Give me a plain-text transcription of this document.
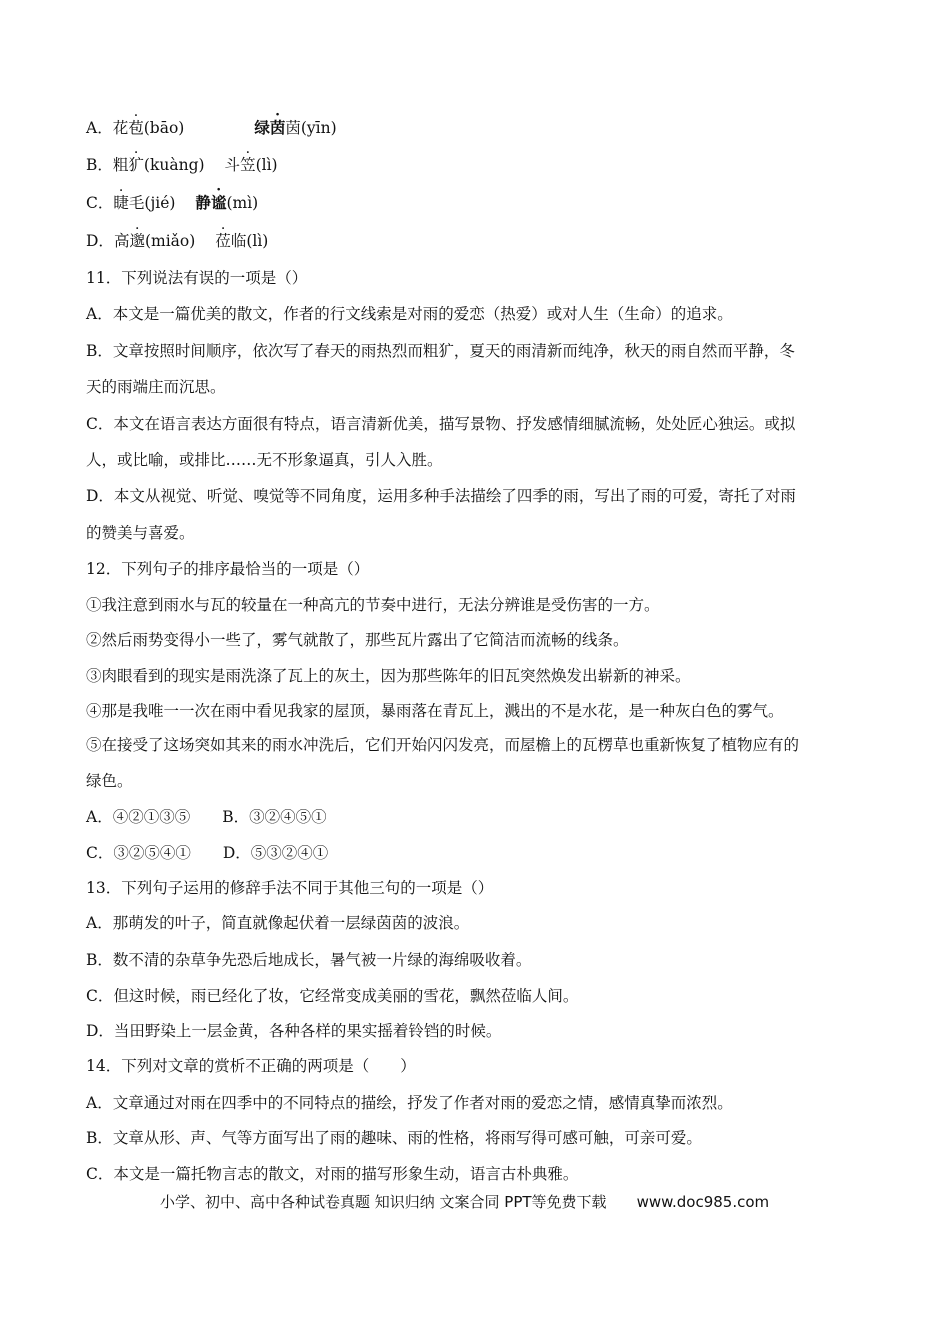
A．花苞(bāo)	绿茵茵(yīn)
B．粗犷(kuàng) 斗笠(lì)
C．睫毛(jié) 静谧(mì)
D．高邈(miǎo) 莅临(lì)
11．下列说法有误的一项是（）
A．本文是一篇优美的散文，作者的行文线索是对雨的爱恋（热爱）或对人生（生命）的追求。
B．文章按照时间顺序，依次写了春天的雨热烈而粗犷，夏天的雨清新而纯净，秋天的雨自然而平静，冬
天的雨端庄而沉思。
C．本文在语言表达方面很有特点，语言清新优美，描写景物、抒发感情细腻流畅，处处匠心独运。或拟
人，或比喻，或排比……无不形象逼真，引人入胜。
D．本文从视觉、听觉、嗅觉等不同角度，运用多种手法描绘了四季的雨，写出了雨的可爱，寄托了对雨
的赞美与喜爱。
12．下列句子的排序最恰当的一项是（）
①我注意到雨水与瓦的较量在一种高亢的节奏中进行，无法分辨谁是受伤害的一方。
②然后雨势变得小一些了，雾气就散了，那些瓦片露出了它简洁而流畅的线条。
③肉眼看到的现实是雨洗涤了瓦上的灰土，因为那些陈年的旧瓦突然焕发出崭新的神采。
④那是我唯一一次在雨中看见我家的屋顶，暴雨落在青瓦上，溅出的不是水花，是一种灰白色的雾气。
⑤在接受了这场突如其来的雨水冲洗后，它们开始闪闪发亮，而屋檐上的瓦楞草也重新恢复了植物应有的
绿色。
A．④②①③⑤ B．③②④⑤①
C．③②⑤④① D．⑤③②④①
13．下列句子运用的修辞手法不同于其他三句的一项是（）
A．那萌发的叶子，简直就像起伏着一层绿茵茵的波浪。
B．数不清的杂草争先恐后地成长，暑气被一片绿的海绵吸收着。
C．但这时候，雨已经化了妆，它经常变成美丽的雪花，飘然莅临人间。
D．当田野染上一层金黄，各种各样的果实摇着铃铛的时候。
14．下列对文章的赏析不正确的两项是（　　）
A．文章通过对雨在四季中的不同特点的描绘，抒发了作者对雨的爱恋之情，感情真挚而浓烈。
B．文章从形、声、气等方面写出了雨的趣味、雨的性格，将雨写得可感可触，可亲可爱。
C．本文是一篇托物言志的散文，对雨的描写形象生动，语言古朴典雅。
小学、初中、高中各种试卷真题 知识归纳 文案合同 PPT等免费下载 www.doc985.com
